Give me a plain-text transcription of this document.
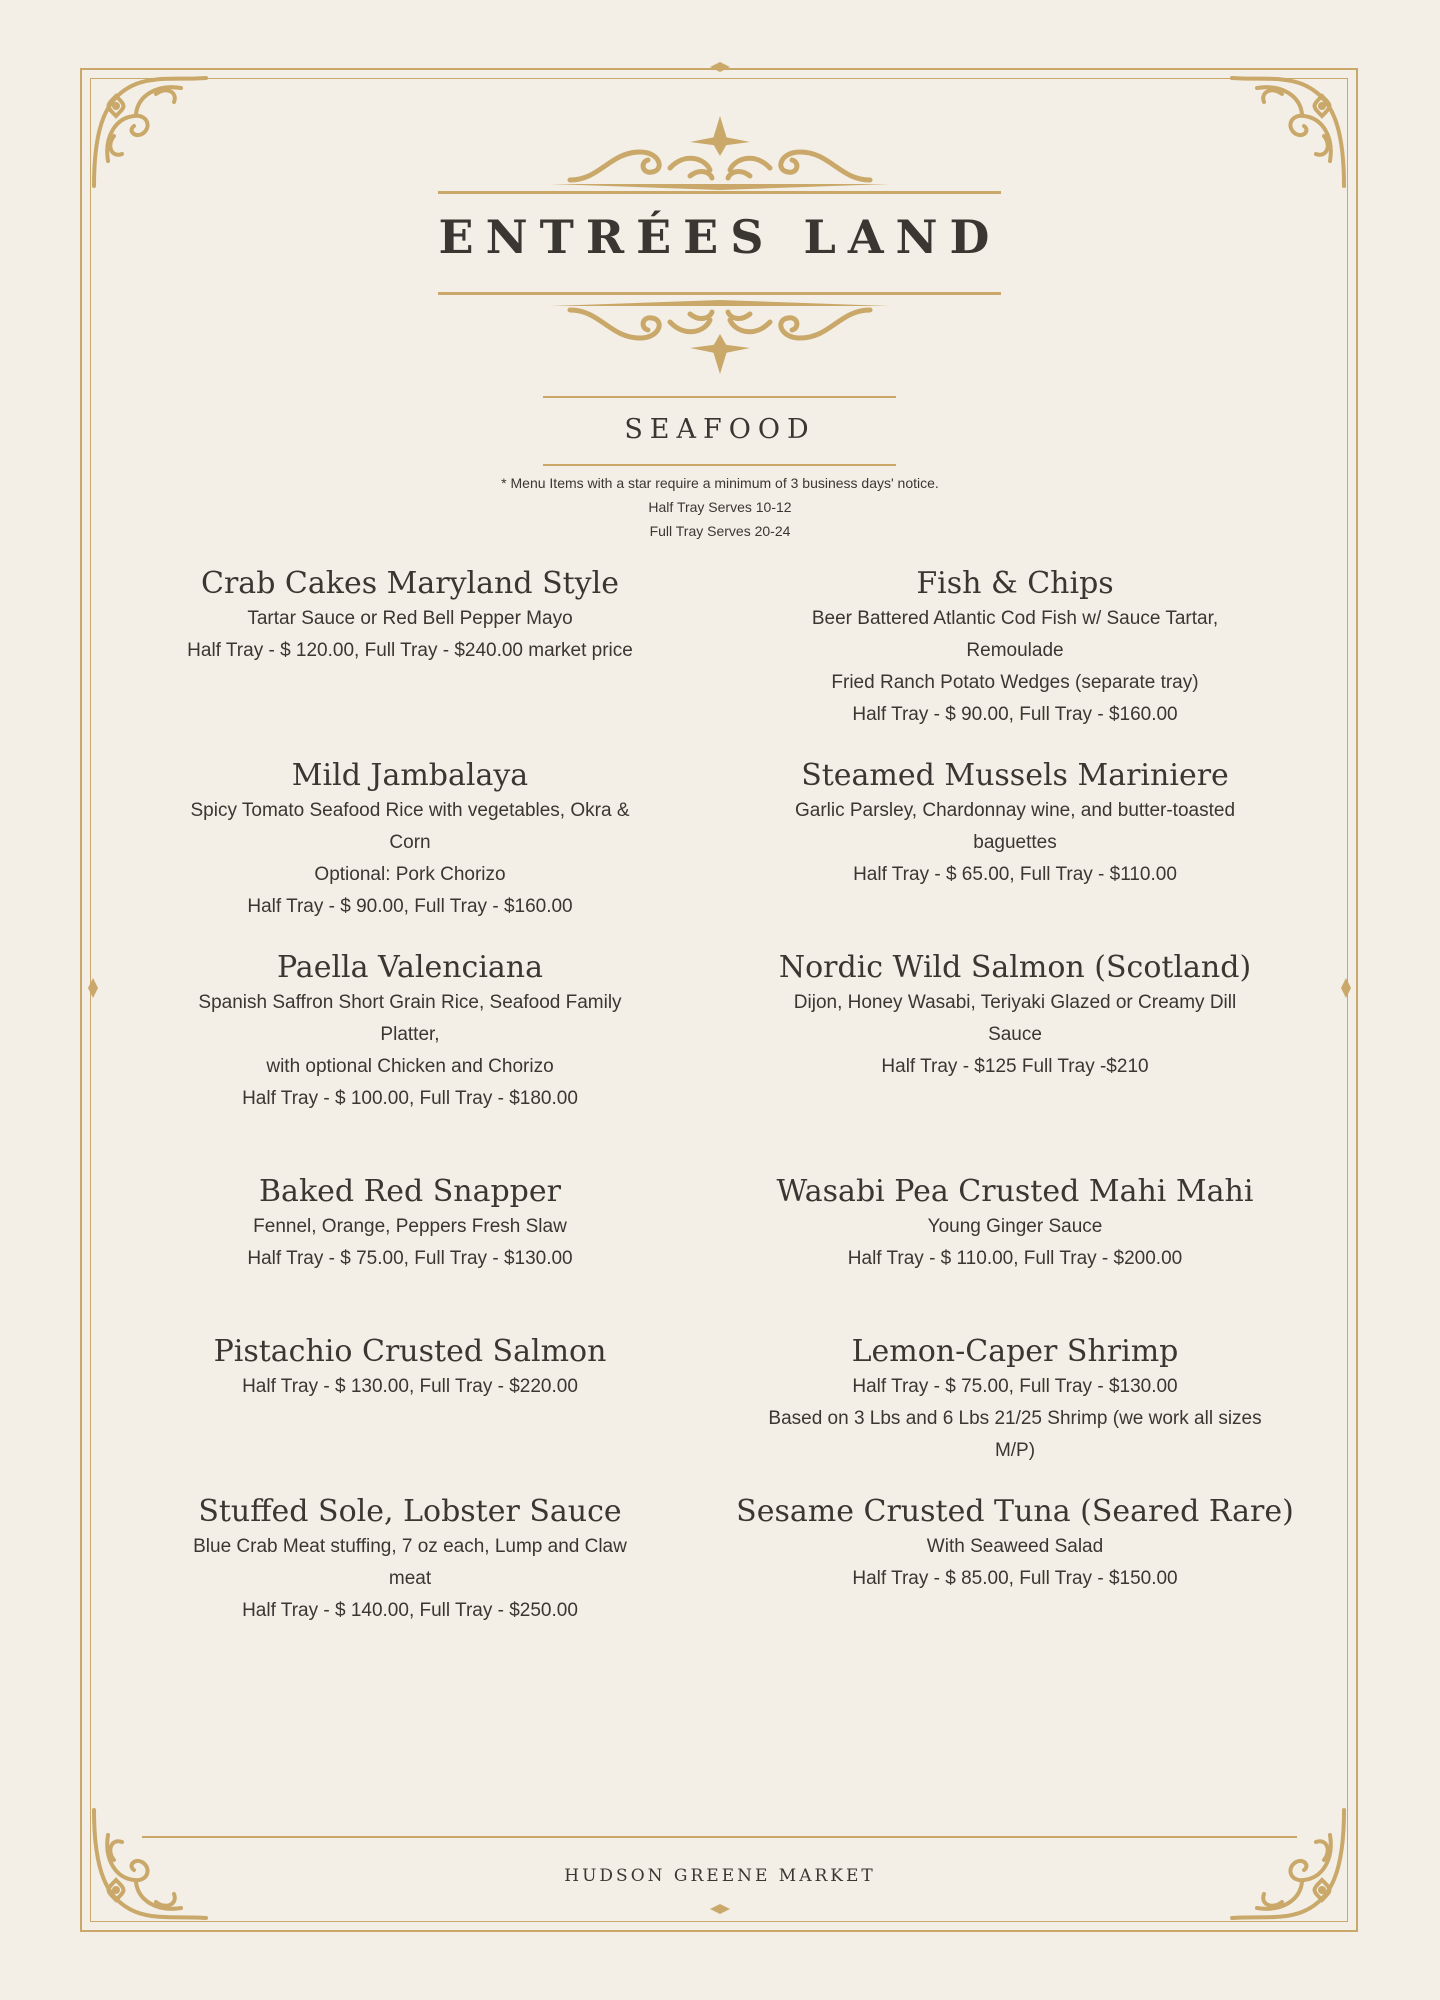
ENTRÉES LAND
SEAFOOD
* Menu Items with a star require a minimum of 3 business days' notice.
Half Tray Serves 10-12
Full Tray Serves 20-24
Crab Cakes Maryland Style
Tartar Sauce or Red Bell Pepper Mayo
Half Tray - $ 120.00, Full Tray - $240.00 market price
Fish & Chips
Beer Battered Atlantic Cod Fish w/ Sauce Tartar,
Remoulade
Fried Ranch Potato Wedges (separate tray)
Half Tray - $ 90.00, Full Tray - $160.00
Mild Jambalaya
Spicy Tomato Seafood Rice with vegetables, Okra &
Corn
Optional: Pork Chorizo
Half Tray - $ 90.00, Full Tray - $160.00
Steamed Mussels Mariniere
Garlic Parsley, Chardonnay wine, and butter-toasted
baguettes
Half Tray - $ 65.00, Full Tray - $110.00
Paella Valenciana
Spanish Saffron Short Grain Rice, Seafood Family
Platter,
with optional Chicken and Chorizo
Half Tray - $ 100.00, Full Tray - $180.00
Nordic Wild Salmon (Scotland)
Dijon, Honey Wasabi, Teriyaki Glazed or Creamy Dill
Sauce
Half Tray - $125 Full Tray -$210
Baked Red Snapper
Fennel, Orange, Peppers Fresh Slaw
Half Tray - $ 75.00, Full Tray - $130.00
Wasabi Pea Crusted Mahi Mahi
Young Ginger Sauce
Half Tray - $ 110.00, Full Tray - $200.00
Pistachio Crusted Salmon
Half Tray - $ 130.00, Full Tray - $220.00
Lemon-Caper Shrimp
Half Tray - $ 75.00, Full Tray - $130.00
Based on 3 Lbs and 6 Lbs 21/25 Shrimp (we work all sizes
M/P)
Stuffed Sole, Lobster Sauce
Blue Crab Meat stuffing, 7 oz each, Lump and Claw
meat
Half Tray - $ 140.00, Full Tray - $250.00
Sesame Crusted Tuna (Seared Rare)
With Seaweed Salad
Half Tray - $ 85.00, Full Tray - $150.00
HUDSON GREENE MARKET
